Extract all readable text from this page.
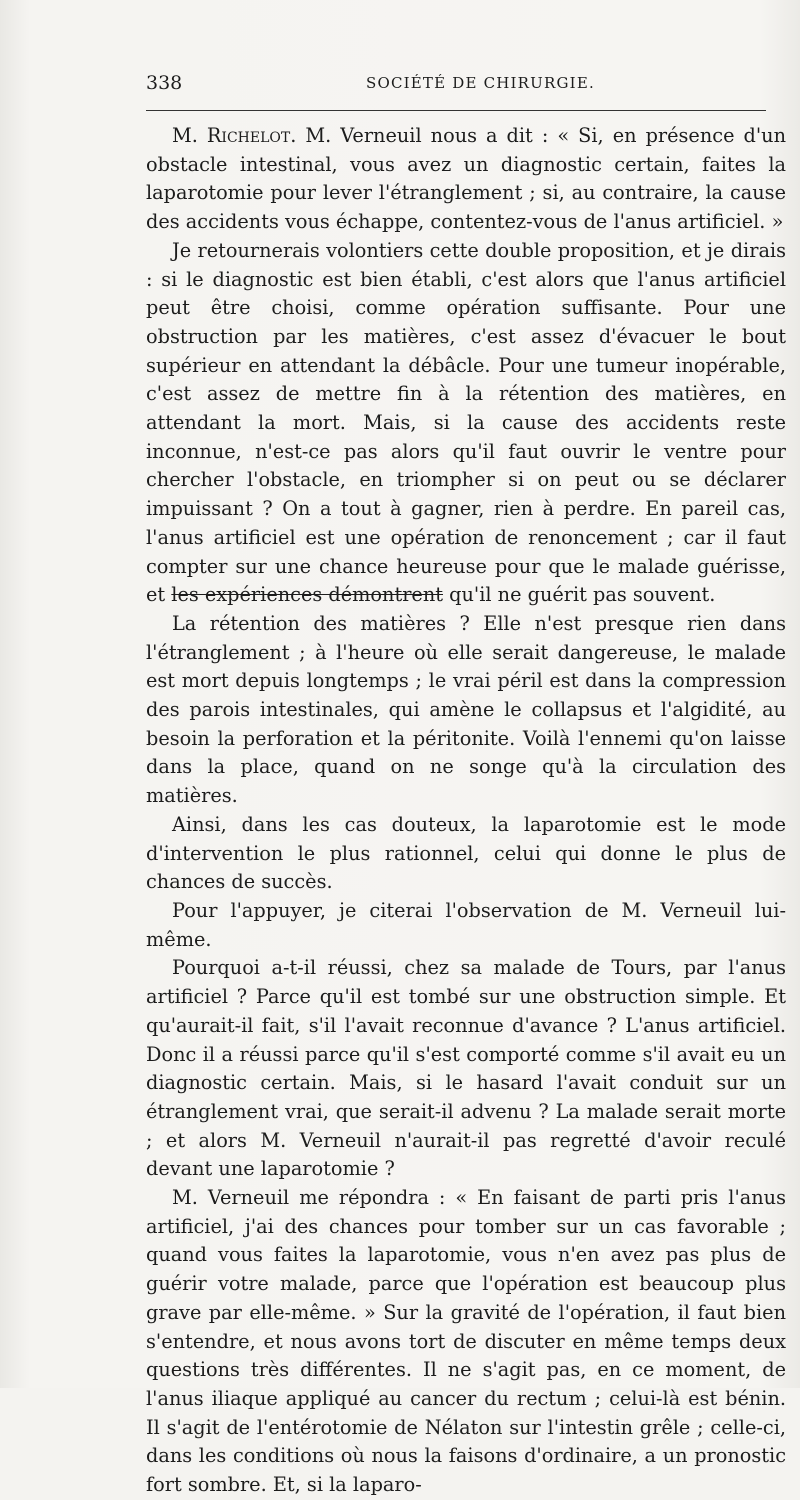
338	SOCIÉTÉ DE CHIRURGIE.

M. Richelot. M. Verneuil nous a dit : « Si, en présence d'un obstacle intestinal, vous avez un diagnostic certain, faites la laparotomie pour lever l'étranglement ; si, au contraire, la cause des accidents vous échappe, contentez-vous de l'anus artificiel. »

Je retournerais volontiers cette double proposition, et je dirais : si le diagnostic est bien établi, c'est alors que l'anus artificiel peut être choisi, comme opération suffisante. Pour une obstruction par les matières, c'est assez d'évacuer le bout supérieur en attendant la débâcle. Pour une tumeur inopérable, c'est assez de mettre fin à la rétention des matières, en attendant la mort. Mais, si la cause des accidents reste inconnue, n'est-ce pas alors qu'il faut ouvrir le ventre pour chercher l'obstacle, en triompher si on peut ou se déclarer impuissant ? On a tout à gagner, rien à perdre. En pareil cas, l'anus artificiel est une opération de renoncement ; car il faut compter sur une chance heureuse pour que le malade guérisse, et les expériences démontrent qu'il ne guérit pas souvent.

La rétention des matières ? Elle n'est presque rien dans l'étranglement ; à l'heure où elle serait dangereuse, le malade est mort depuis longtemps ; le vrai péril est dans la compression des parois intestinales, qui amène le collapsus et l'algidité, au besoin la perforation et la péritonite. Voilà l'ennemi qu'on laisse dans la place, quand on ne songe qu'à la circulation des matières.

Ainsi, dans les cas douteux, la laparotomie est le mode d'intervention le plus rationnel, celui qui donne le plus de chances de succès.

Pour l'appuyer, je citerai l'observation de M. Verneuil lui-même.

Pourquoi a-t-il réussi, chez sa malade de Tours, par l'anus artificiel ? Parce qu'il est tombé sur une obstruction simple. Et qu'aurait-il fait, s'il l'avait reconnue d'avance ? L'anus artificiel. Donc il a réussi parce qu'il s'est comporté comme s'il avait eu un diagnostic certain. Mais, si le hasard l'avait conduit sur un étranglement vrai, que serait-il advenu ? La malade serait morte ; et alors M. Verneuil n'aurait-il pas regretté d'avoir reculé devant une laparotomie ?

M. Verneuil me répondra : « En faisant de parti pris l'anus artificiel, j'ai des chances pour tomber sur un cas favorable ; quand vous faites la laparotomie, vous n'en avez pas plus de guérir votre malade, parce que l'opération est beaucoup plus grave par elle-même. » Sur la gravité de l'opération, il faut bien s'entendre, et nous avons tort de discuter en même temps deux questions très différentes. Il ne s'agit pas, en ce moment, de l'anus iliaque appliqué au cancer du rectum ; celui-là est bénin. Il s'agit de l'entérotomie de Nélaton sur l'intestin grêle ; celle-ci, dans les conditions où nous la faisons d'ordinaire, a un pronostic fort sombre. Et, si la laparo-
